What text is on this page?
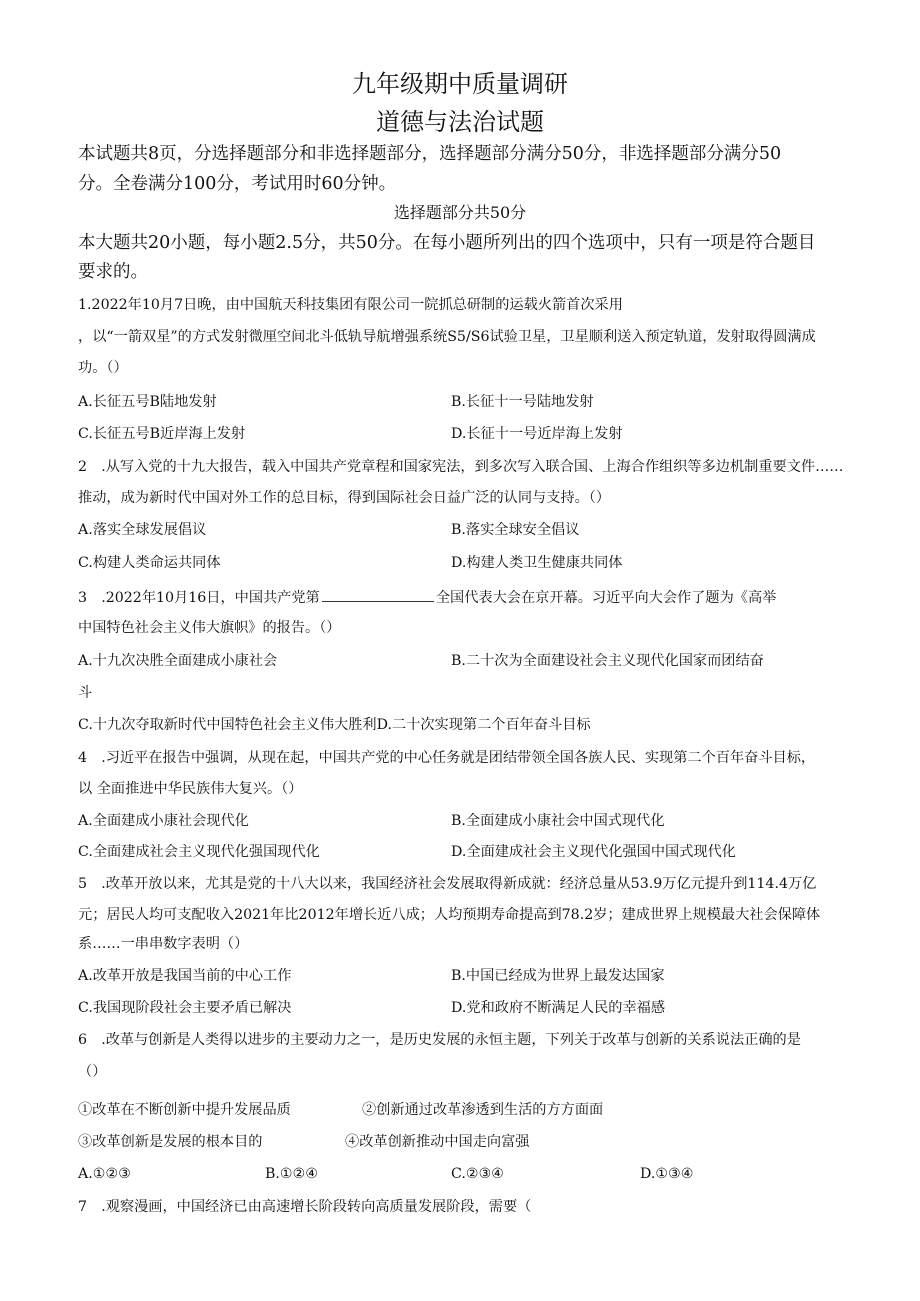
九年级期中质量调研
道德与法治试题
本试题共8页，分选择题部分和非选择题部分，选择题部分满分50分，非选择题部分满分50
分。全卷满分100分，考试用时60分钟。
选择题部分共50分
本大题共20小题，每小题2.5分，共50分。在每小题所列出的四个选项中，只有一项是符合题目
要求的。
1.2022年10月7日晚，由中国航天科技集团有限公司一院抓总研制的运载火箭首次采用
，以“一箭双星”的方式发射微厘空间北斗低轨导航增强系统S5/S6试验卫星，卫星顺利送入预定轨道，发射取得圆满成
功。（）
A.长征五号B陆地发射	B.长征十一号陆地发射
C.长征五号B近岸海上发射	D.长征十一号近岸海上发射
2　.从写入党的十九大报告，载入中国共产党章程和国家宪法，到多次写入联合国、上海合作组织等多边机制重要文件……
推动，成为新时代中国对外工作的总目标，得到国际社会日益广泛的认同与支持。（）
A.落实全球发展倡议	B.落实全球安全倡议
C.构建人类命运共同体	D.构建人类卫生健康共同体
3　.2022年10月16日，中国共产党第	全国代表大会在京开幕。习近平向大会作了题为《高举
中国特色社会主义伟大旗帜》的报告。（）
A.十九次决胜全面建成小康社会	B.二十次为全面建设社会主义现代化国家而团结奋
斗
C.十九次夺取新时代中国特色社会主义伟大胜利D.二十次实现第二个百年奋斗目标
4　.习近平在报告中强调，从现在起，中国共产党的中心任务就是团结带领全国各族人民、实现第二个百年奋斗目标，
以 全面推进中华民族伟大复兴。（）
A.全面建成小康社会现代化	B.全面建成小康社会中国式现代化
C.全面建成社会主义现代化强国现代化	D.全面建成社会主义现代化强国中国式现代化
5　.改革开放以来，尤其是党的十八大以来，我国经济社会发展取得新成就：经济总量从53.9万亿元提升到114.4万亿
元；居民人均可支配收入2021年比2012年增长近八成；人均预期寿命提高到78.2岁；建成世界上规模最大社会保障体
系……一串串数字表明（）
A.改革开放是我国当前的中心工作	B.中国已经成为世界上最发达国家
C.我国现阶段社会主要矛盾已解决	D.党和政府不断满足人民的幸福感
6　.改革与创新是人类得以进步的主要动力之一，是历史发展的永恒主题，下列关于改革与创新的关系说法正确的是
（）
①改革在不断创新中提升发展品质	②创新通过改革渗透到生活的方方面面
③改革创新是发展的根本目的	④改革创新推动中国走向富强
A.①②③	B.①②④	C.②③④	D.①③④
7　.观察漫画，中国经济已由高速增长阶段转向高质量发展阶段，需要（
